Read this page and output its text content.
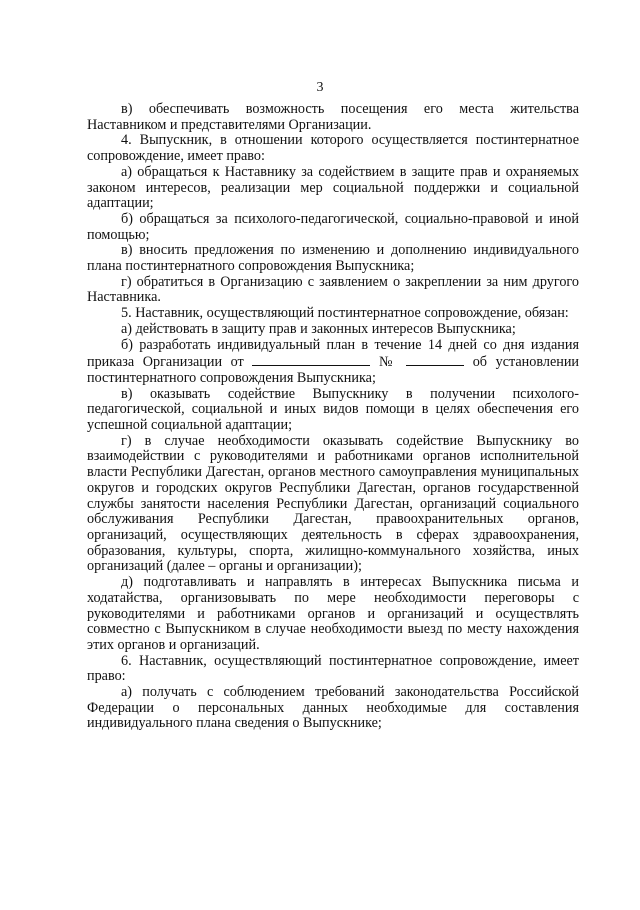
3

в) обеспечивать возможность посещения его места жительства Наставником и представителями Организации.

4. Выпускник, в отношении которого осуществляется постинтернатное сопровождение, имеет право:

а) обращаться к Наставнику за содействием в защите прав и охраняемых законом интересов, реализации мер социальной поддержки и социальной адаптации;

б) обращаться за психолого-педагогической, социально-правовой и иной помощью;

в) вносить предложения по изменению и дополнению индивидуального плана постинтернатного сопровождения Выпускника;

г) обратиться в Организацию с заявлением о закреплении за ним другого Наставника.

5. Наставник, осуществляющий постинтернатное сопровождение, обязан:

а) действовать в защиту прав и законных интересов Выпускника;

б) разработать индивидуальный план в течение 14 дней со дня издания приказа Организации от	№	об установлении постинтернатного сопровождения Выпускника;

в) оказывать содействие Выпускнику в получении психолого-педагогической, социальной и иных видов помощи в целях обеспечения его успешной социальной адаптации;

г) в случае необходимости оказывать содействие Выпускнику во взаимодействии с руководителями и работниками органов исполнительной власти Республики Дагестан, органов местного самоуправления муниципальных округов и городских округов Республики Дагестан, органов государственной службы занятости населения Республики Дагестан, организаций социального обслуживания Республики Дагестан, правоохранительных органов, организаций, осуществляющих деятельность в сферах здравоохранения, образования, культуры, спорта, жилищно-коммунального хозяйства, иных организаций (далее – органы и организации);

д) подготавливать и направлять в интересах Выпускника письма и ходатайства, организовывать по мере необходимости переговоры с руководителями и работниками органов и организаций и осуществлять совместно с Выпускником в случае необходимости выезд по месту нахождения этих органов и организаций.

6. Наставник, осуществляющий постинтернатное сопровождение, имеет право:

а) получать с соблюдением требований законодательства Российской Федерации о персональных данных необходимые для составления индивидуального плана сведения о Выпускнике;
